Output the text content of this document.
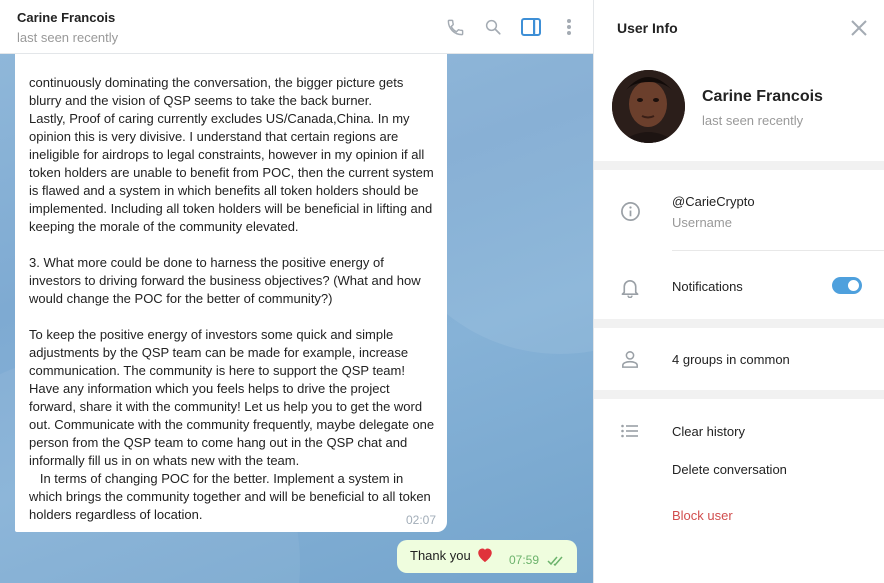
Carine Francois
last seen recently
continuously dominating the conversation, the bigger picture gets blurry and the vision of QSP seems to take the back burner.
Lastly, Proof of caring currently excludes US/Canada,China. In my opinion this is very divisive. I understand that certain regions are ineligible for airdrops to legal constraints, however in my opinion if all token holders are unable to benefit from POC, then the current system is flawed and a system in which benefits all token holders should be implemented. Including all token holders will be beneficial in lifting and keeping the morale of the community elevated.

3. What more could be done to harness the positive energy of investors to driving forward the business objectives? (What and how would change the POC for the better of community?)

To keep the positive energy of investors some quick and simple adjustments by the QSP team can be made for example, increase communication. The community is here to support the QSP team! Have any information which you feels helps to drive the project forward, share it with the community! Let us help you to get the word out. Communicate with the community frequently, maybe delegate one person from the QSP team to come hang out in the QSP chat and informally fill us in on whats new with the team.
In terms of changing POC for the better. Implement a system in which brings the community together and will be beneficial to all token holders regardless of location.	02:07
Thank you	07:59
User Info
Carine Francois
last seen recently
@CarieCrypto
Username
Notifications
4 groups in common
Clear history
Delete conversation
Block user
